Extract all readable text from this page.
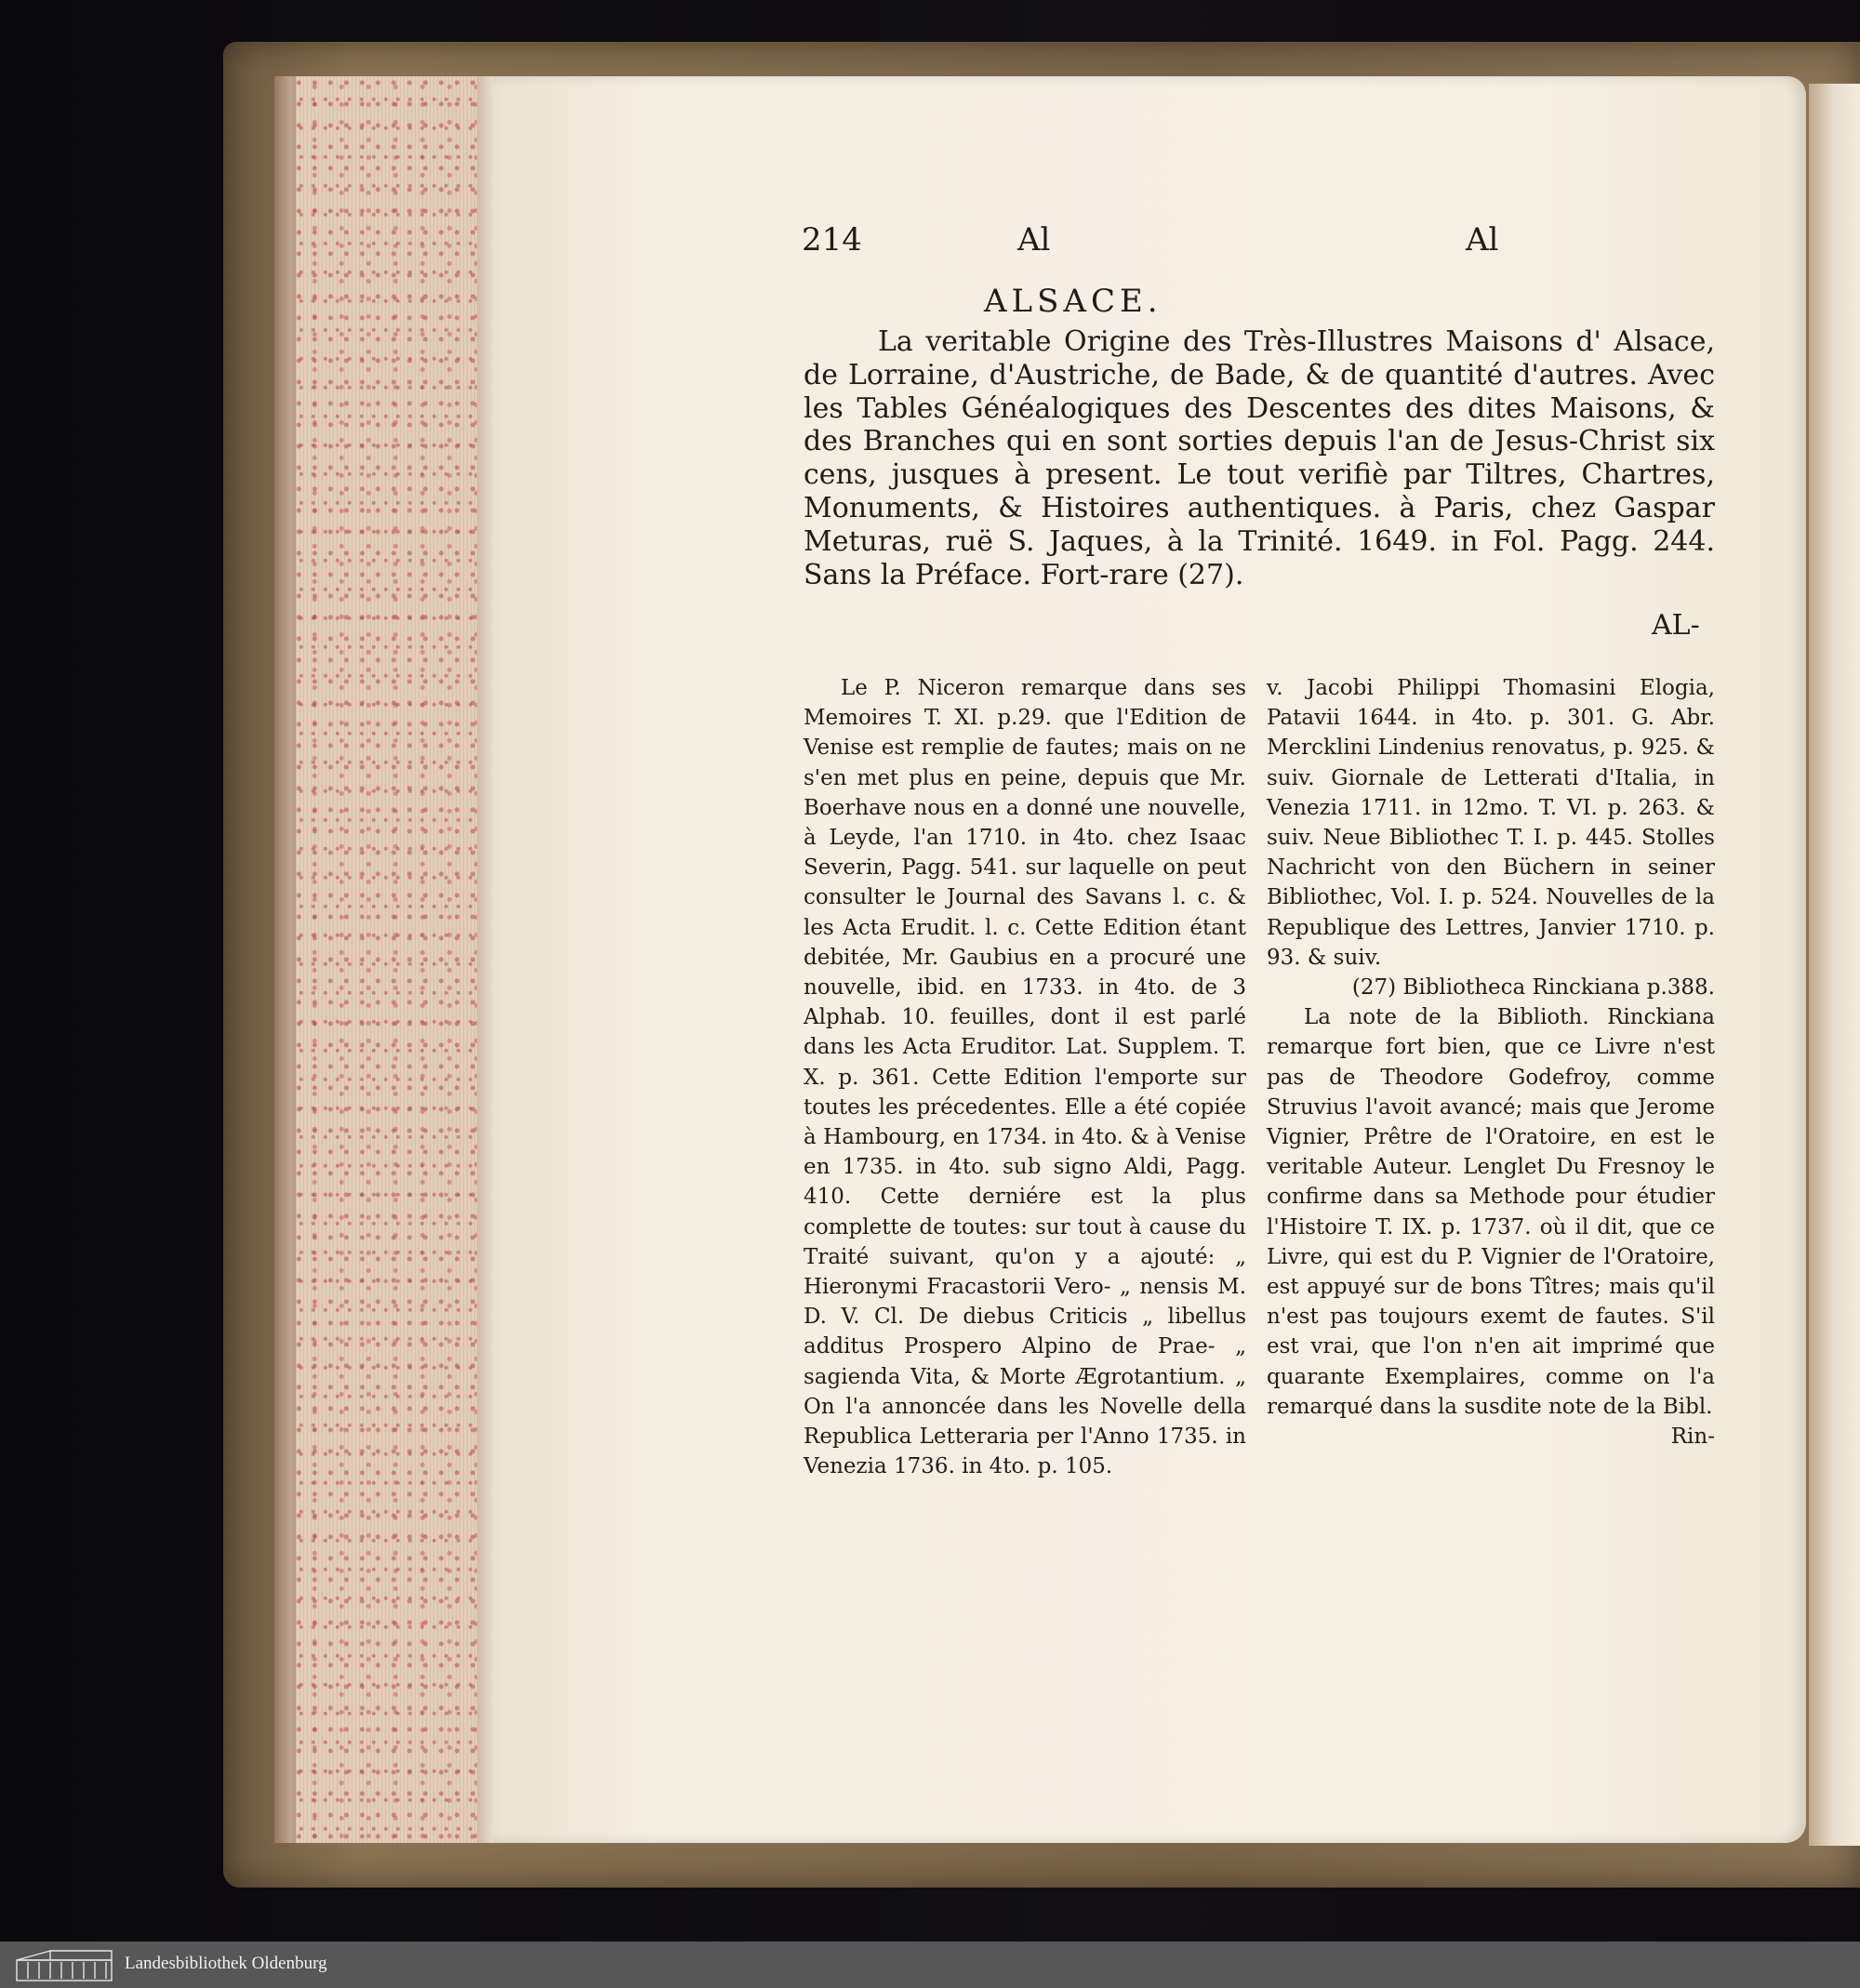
214	Al	Al
ALSACE.
La veritable Origine des Très-Illustres Maisons d' Alsace, de Lorraine, d'Austriche, de Bade, & de quantité d'autres. Avec les Tables Généalogiques des Descentes des dites Maisons, & des Branches qui en sont sorties depuis l'an de Jesus-Christ six cens, jusques à present. Le tout verifiè par Tiltres, Chartres, Monuments, & Histoires authentiques. à Paris, chez Gaspar Meturas, ruë S. Jaques, à la Trinité. 1649. in Fol. Pagg. 244. Sans la Préface. Fort-rare (27).
AL-

Le P. Niceron remarque dans ses Memoires T. XI. p.29. que l'Edition de Venise est remplie de fautes; mais on ne s'en met plus en peine, depuis que Mr. Boerhave nous en a donné une nouvelle, à Leyde, l'an 1710. in 4to. chez Isaac Severin, Pagg. 541. sur laquelle on peut consulter le Journal des Savans l. c. & les Acta Erudit. l. c. Cette Edition étant debitée, Mr. Gaubius en a procuré une nouvelle, ibid. en 1733. in 4to. de 3 Alphab. 10. feuilles, dont il est parlé dans les Acta Eruditor. Lat. Supplem. T. X. p. 361. Cette Edition l'emporte sur toutes les précedentes. Elle a été copiée à Hambourg, en 1734. in 4to. & à Venise en 1735. in 4to. sub signo Aldi, Pagg. 410. Cette derniére est la plus complette de toutes: sur tout à cause du Traité suivant, qu'on y a ajouté: „ Hieronymi Fracastorii Vero- „ nensis M. D. V. Cl. De diebus Criticis „ libellus additus Prospero Alpino de Prae- „ sagienda Vita, & Morte Ægrotantium. „ On l'a annoncée dans les Novelle della Republica Letteraria per l'Anno 1735. in Venezia 1736. in 4to. p. 105.

v. Jacobi Philippi Thomasini Elogia, Patavii 1644. in 4to. p. 301. G. Abr. Mercklini Lindenius renovatus, p. 925. & suiv. Giornale de Letterati d'Italia, in Venezia 1711. in 12mo. T. VI. p. 263. & suiv. Neue Bibliothec T. I. p. 445. Stolles Nachricht von den Büchern in seiner Bibliothec, Vol. I. p. 524. Nouvelles de la Republique des Lettres, Janvier 1710. p. 93. & suiv.

(27) Bibliotheca Rinckiana p.388.

La note de la Biblioth. Rinckiana remarque fort bien, que ce Livre n'est pas de Theodore Godefroy, comme Struvius l'avoit avancé; mais que Jerome Vignier, Prêtre de l'Oratoire, en est le veritable Auteur. Lenglet Du Fresnoy le confirme dans sa Methode pour étudier l'Histoire T. IX. p. 1737. où il dit, que ce Livre, qui est du P. Vignier de l'Oratoire, est appuyé sur de bons Tîtres; mais qu'il n'est pas toujours exemt de fautes. S'il est vrai, que l'on n'en ait imprimé que quarante Exemplaires, comme on l'a remarqué dans la susdite note de la Bibl.

Rin-

Landesbibliothek Oldenburg
